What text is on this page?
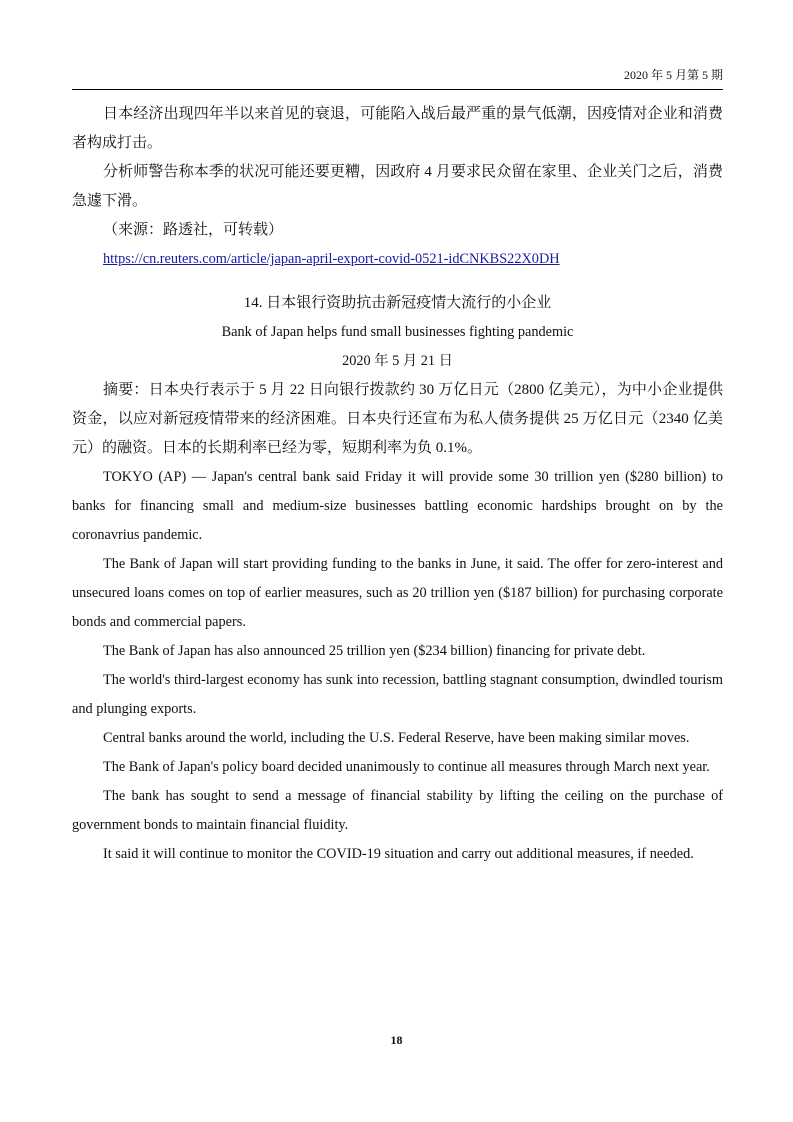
2020 年 5 月第 5 期

日本经济出现四年半以来首见的衰退，可能陷入战后最严重的景气低潮，因疫情对企业和消费者构成打击。

分析师警告称本季的状况可能还要更糟，因政府 4 月要求民众留在家里、企业关门之后，消费急遽下滑。

（来源：路透社，可转载）

https://cn.reuters.com/article/japan-april-export-covid-0521-idCNKBS22X0DH

14. 日本银行资助抗击新冠疫情大流行的小企业

Bank of Japan helps fund small businesses fighting pandemic

2020 年 5 月 21 日

摘要：日本央行表示于 5 月 22 日向银行拨款约 30 万亿日元（2800 亿美元），为中小企业提供资金，以应对新冠疫情带来的经济困难。日本央行还宣布为私人债务提供 25 万亿日元（2340 亿美元）的融资。日本的长期利率已经为零，短期利率为负 0.1%。

TOKYO (AP) — Japan's central bank said Friday it will provide some 30 trillion yen ($280 billion) to banks for financing small and medium-size businesses battling economic hardships brought on by the coronavrius pandemic.

The Bank of Japan will start providing funding to the banks in June, it said. The offer for zero-interest and unsecured loans comes on top of earlier measures, such as 20 trillion yen ($187 billion) for purchasing corporate bonds and commercial papers.

The Bank of Japan has also announced 25 trillion yen ($234 billion) financing for private debt.

The world's third-largest economy has sunk into recession, battling stagnant consumption, dwindled tourism and plunging exports.

Central banks around the world, including the U.S. Federal Reserve, have been making similar moves.

The Bank of Japan's policy board decided unanimously to continue all measures through March next year.

The bank has sought to send a message of financial stability by lifting the ceiling on the purchase of government bonds to maintain financial fluidity.

It said it will continue to monitor the COVID-19 situation and carry out additional measures, if needed.

18
